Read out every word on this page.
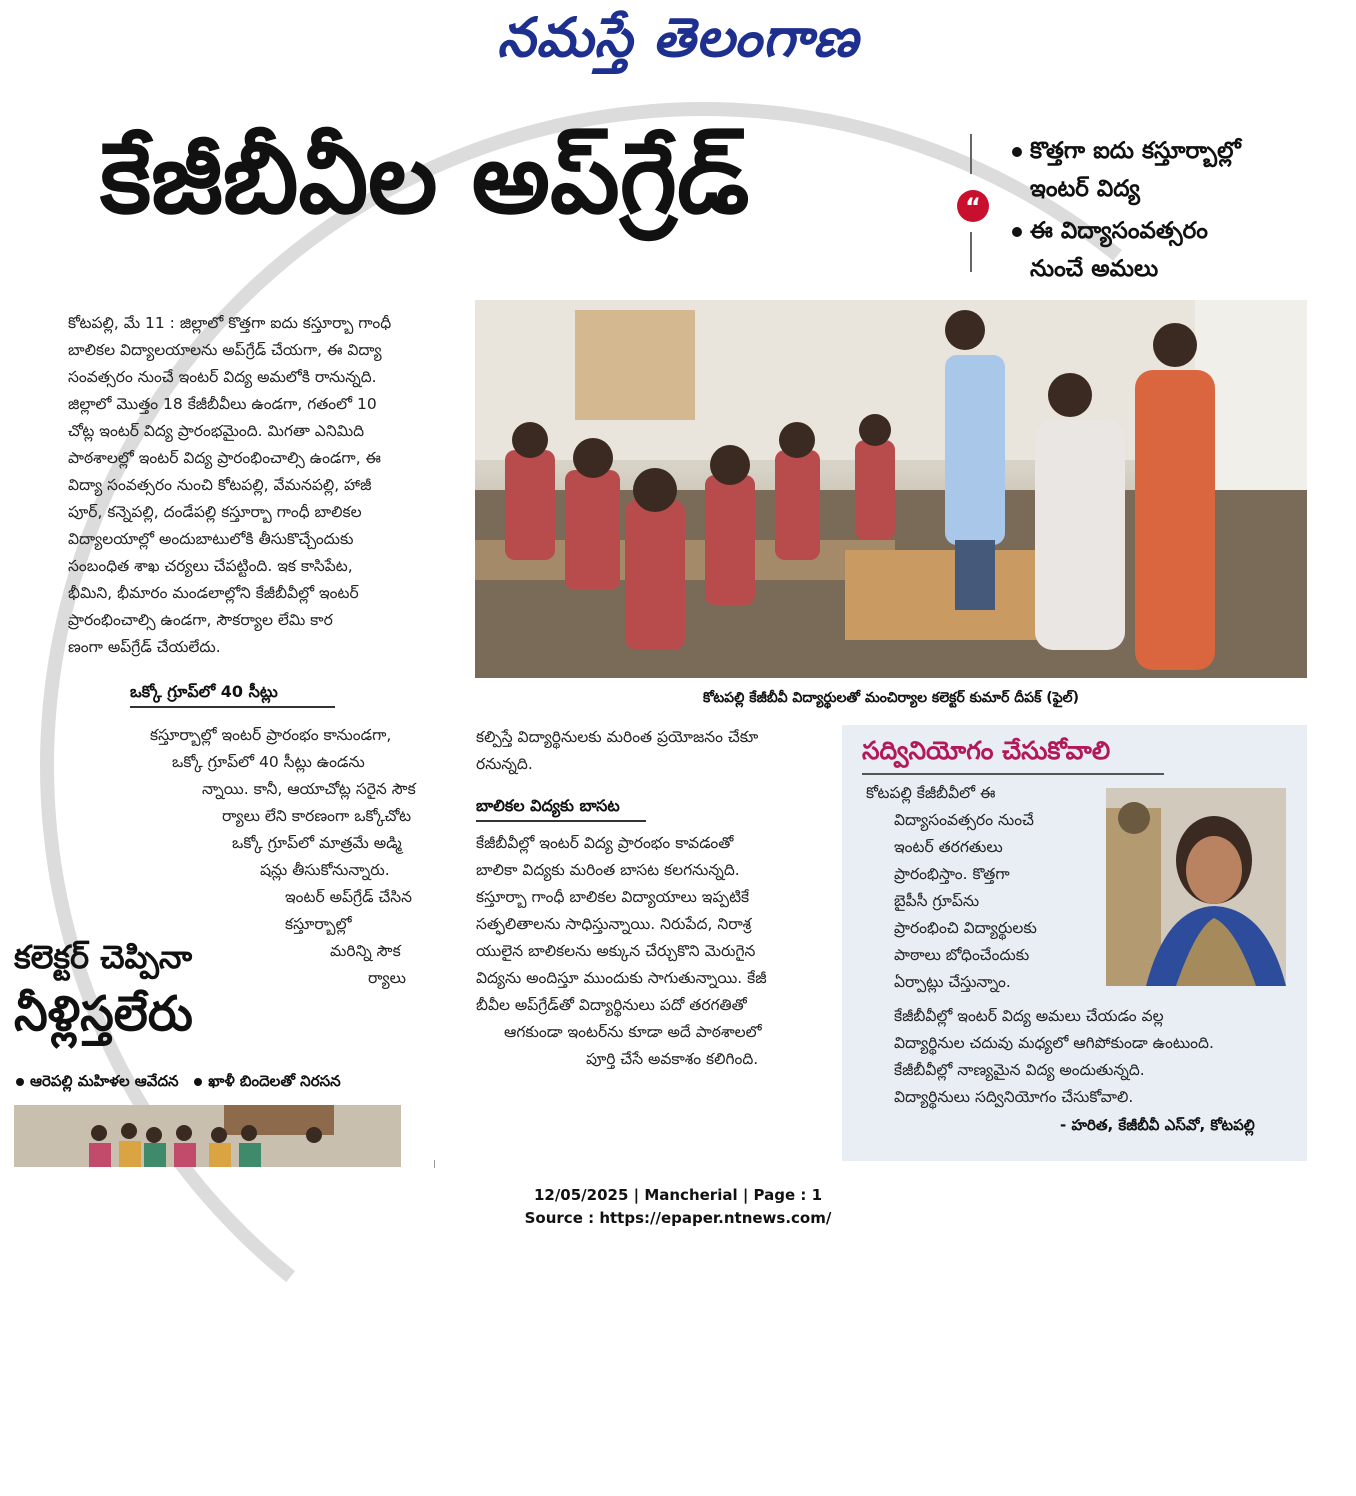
నమస్తే తెలంగాణ
కేజీబీవీల అప్‌గ్రేడ్	“
కొత్తగా ఐదు కస్తూర్బాల్లో
ఇంటర్ విద్య
ఈ విద్యాసంవత్సరం
నుంచే అమలు

కోటపల్లి, మే 11 : జిల్లాలో కొత్తగా ఐదు కస్తూర్బా గాంధీ

బాలికల విద్యాలయాలను అప్‌గ్రేడ్ చేయగా, ఈ విద్యా

సంవత్సరం నుంచే ఇంటర్ విద్య అమలోకి రానున్నది.

జిల్లాలో మొత్తం 18 కేజీబీవీలు ఉండగా, గతంలో 10

చోట్ల ఇంటర్ విద్య ప్రారంభమైంది. మిగతా ఎనిమిది

పాఠశాలల్లో ఇంటర్ విద్య ప్రారంభించాల్సి ఉండగా, ఈ

విద్యా సంవత్సరం నుంచి కోటపల్లి, వేమనపల్లి, హాజీ

పూర్, కన్నెపల్లి, దండేపల్లి కస్తూర్బా గాంధీ బాలికల

విద్యాలయాల్లో అందుబాటులోకి తీసుకొచ్చేందుకు

సంబంధిత శాఖ చర్యలు చేపట్టింది. ఇక కాసిపేట,

భీమిని, భీమారం మండలాల్లోని కేజీబీవీల్లో ఇంటర్

ప్రారంభించాల్సి ఉండగా, సౌకర్యాల లేమి కార

ణంగా అప్‌గ్రేడ్ చేయలేదు.

కోటపల్లి కేజీబీవీ విద్యార్థులతో మంచిర్యాల కలెక్టర్ కుమార్ దీపక్ (ఫైల్)
ఒక్కో గ్రూప్‌లో 40 సీట్లు

కస్తూర్బాల్లో ఇంటర్ ప్రారంభం కానుండగా,

ఒక్కో గ్రూప్‌లో 40 సీట్లు ఉండను

న్నాయి. కానీ, ఆయాచోట్ల సరైన సౌక

ర్యాలు లేని కారణంగా ఒక్కోచోట

ఒక్కో గ్రూప్‌లో మాత్రమే అడ్మి

షన్లు తీసుకోనున్నారు.

ఇంటర్ అప్‌గ్రేడ్ చేసిన

కస్తూర్బాల్లో

మరిన్ని సౌక

ర్యాలు

కల్పిస్తే విద్యార్థినులకు మరింత ప్రయోజనం చేకూ

రనున్నది.

బాలికల విద్యకు బాసట

కేజీబీవీల్లో ఇంటర్ విద్య ప్రారంభం కావడంతో

బాలికా విద్యకు మరింత బాసట కలగనున్నది.

కస్తూర్బా గాంధీ బాలికల విద్యాయాలు ఇప్పటికే

సత్ఫలితాలను సాధిస్తున్నాయి. నిరుపేద, నిరాశ్ర

యులైన బాలికలను అక్కున చేర్చుకొని మెరుగైన

విద్యను అందిస్తూ ముందుకు సాగుతున్నాయి. కేజీ

బీవీల అప్‌గ్రేడ్‌తో విద్యార్థినులు పదో తరగతితో

ఆగకుండా ఇంటర్‌ను కూడా అదే పాఠశాలలో

పూర్తి చేసే అవకాశం కలిగింది.

సద్వినియోగం చేసుకోవాలి

కోటపల్లి కేజీబీవీలో ఈ

విద్యాసంవత్సరం నుంచే

ఇంటర్ తరగతులు

ప్రారంభిస్తాం. కొత్తగా

బైపీసీ గ్రూప్‌ను

ప్రారంభించి విద్యార్థులకు

పాఠాలు బోధించేందుకు

ఏర్పాట్లు చేస్తున్నాం.

కేజీబీవీల్లో ఇంటర్ విద్య అమలు చేయడం వల్ల

విద్యార్థినుల చదువు మధ్యలో ఆగిపోకుండా ఉంటుంది.

కేజీబీవీల్లో నాణ్యమైన విద్య అందుతున్నది.

విద్యార్థినులు సద్వినియోగం చేసుకోవాలి.

- హరిత, కేజీబీవీ ఎస్‌వో, కోటపల్లి
కలెక్టర్ చెప్పినా
నీళ్లిస్తలేరు
ఆరెపల్లి మహిళల ఆవేదన ఖాళీ బిందెలతో నిరసన
12/05/2025 | Mancherial | Page : 1
Source : https://epaper.ntnews.com/
